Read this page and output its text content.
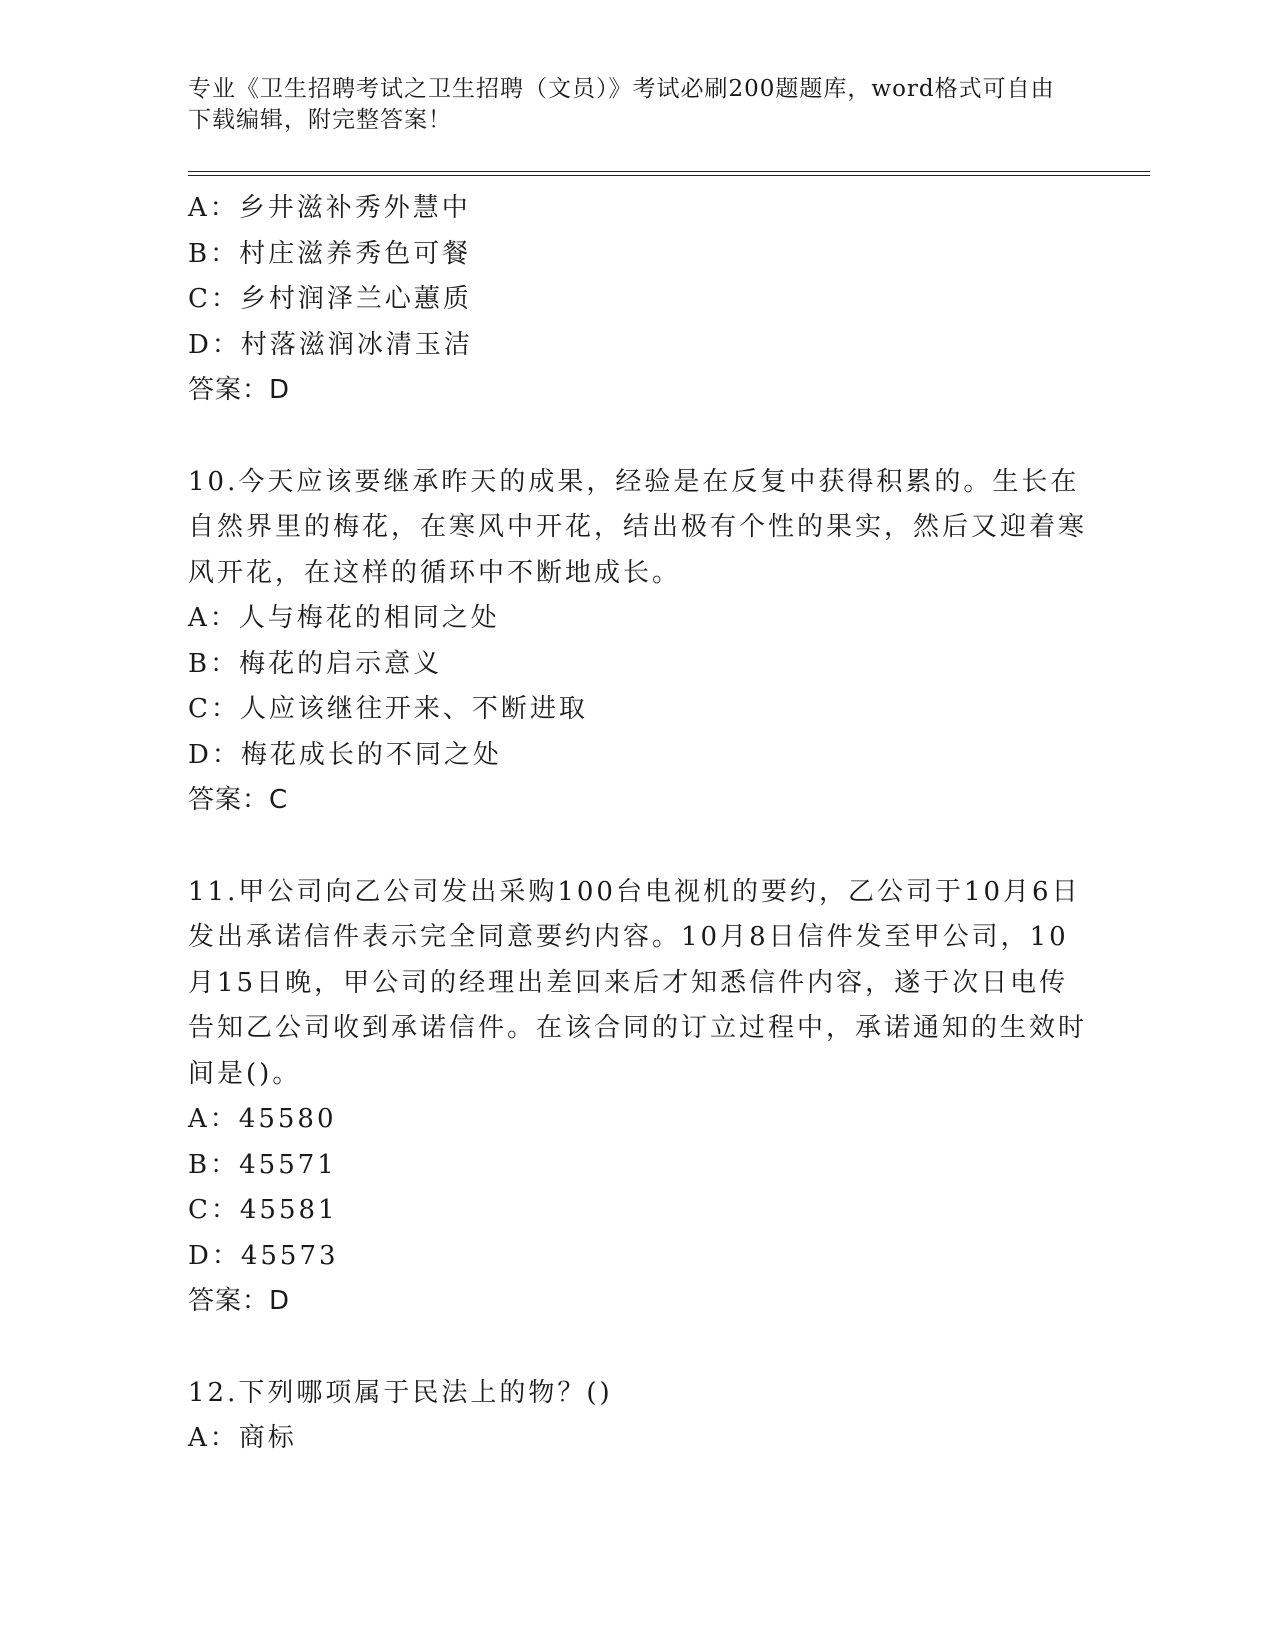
专业《卫生招聘考试之卫生招聘（文员）》考试必刷200题题库，word格式可自由下载编辑，附完整答案！
A：乡井滋补秀外慧中
B：村庄滋养秀色可餐
C：乡村润泽兰心蕙质
D：村落滋润冰清玉洁
答案：D
10.今天应该要继承昨天的成果，经验是在反复中获得积累的。生长在自然界里的梅花，在寒风中开花，结出极有个性的果实，然后又迎着寒风开花，在这样的循环中不断地成长。
A：人与梅花的相同之处
B：梅花的启示意义
C：人应该继往开来、不断进取
D：梅花成长的不同之处
答案：C
11.甲公司向乙公司发出采购100台电视机的要约，乙公司于10月6日发出承诺信件表示完全同意要约内容。10月8日信件发至甲公司，10月15日晚，甲公司的经理出差回来后才知悉信件内容，遂于次日电传告知乙公司收到承诺信件。在该合同的订立过程中，承诺通知的生效时间是()。
A：45580
B：45571
C：45581
D：45573
答案：D
12.下列哪项属于民法上的物？()
A：商标
